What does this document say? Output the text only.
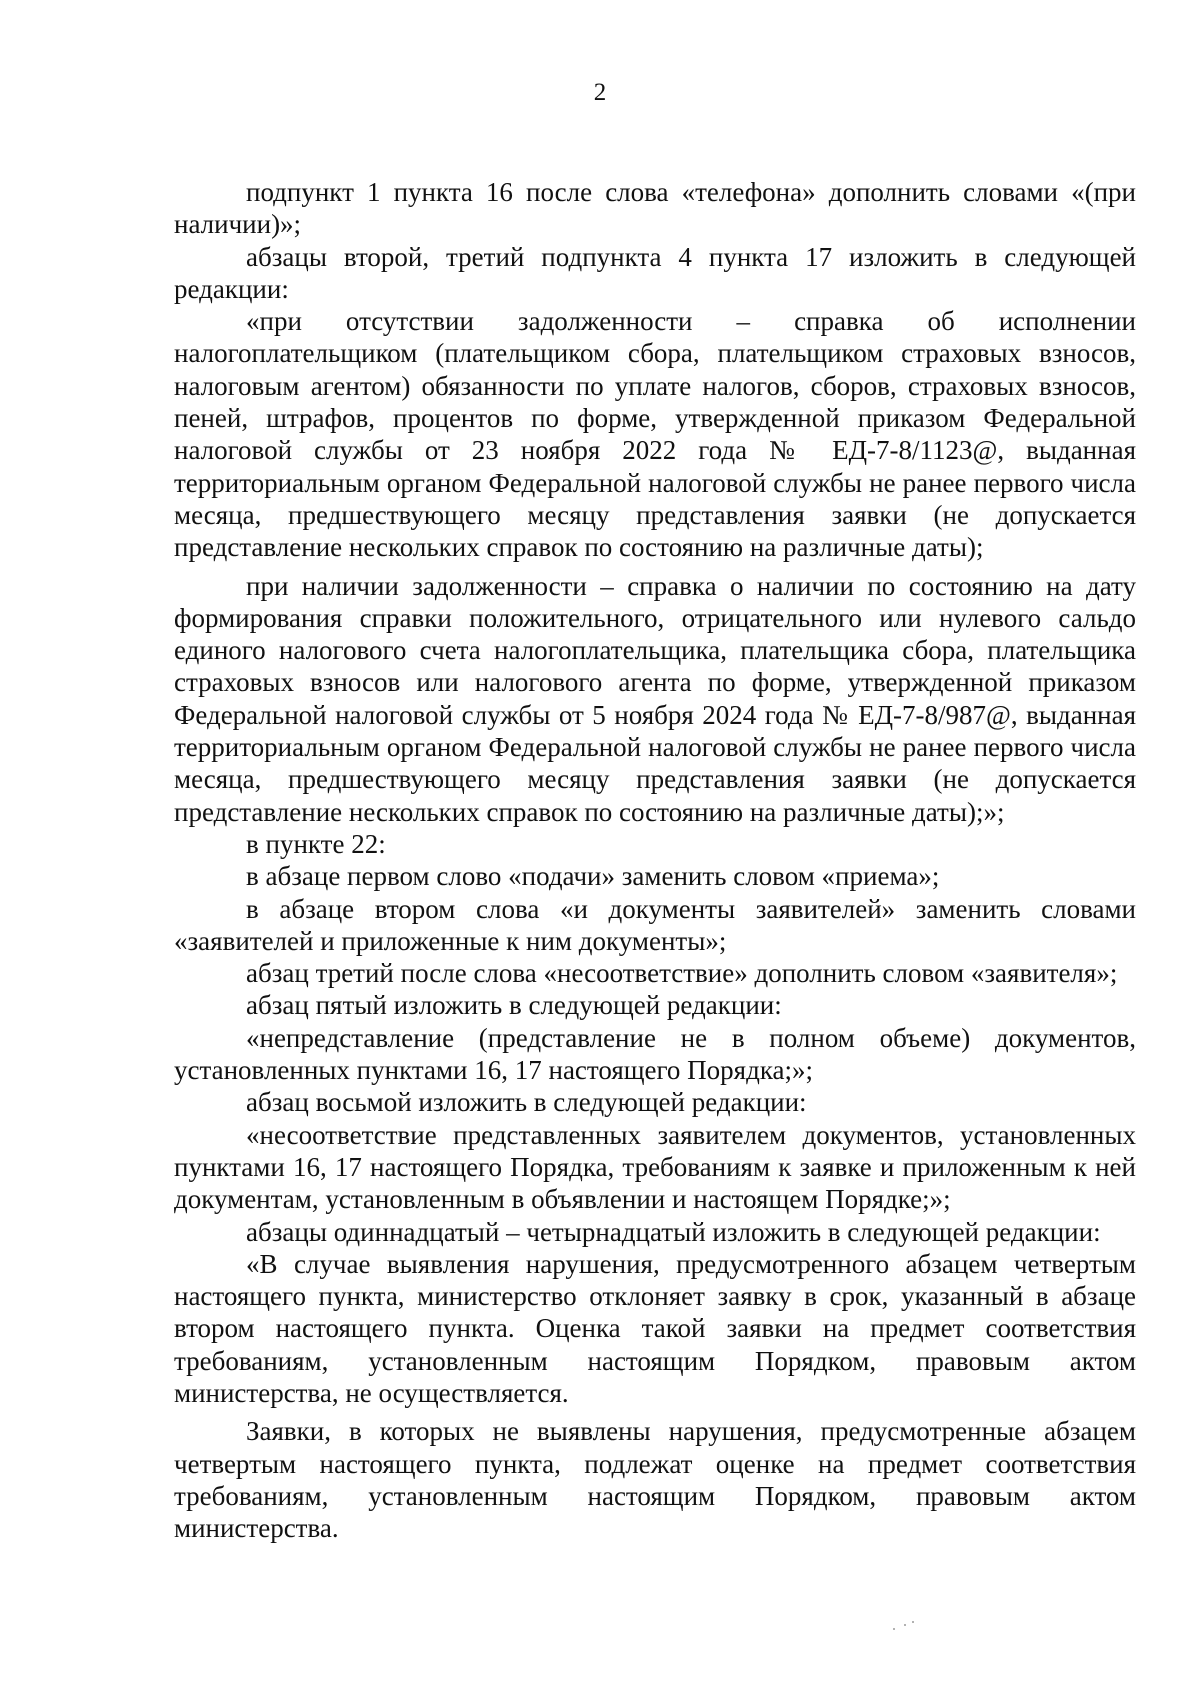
2

подпункт 1 пункта 16 после слова «телефона» дополнить словами «(при наличии)»;

абзацы второй, третий подпункта 4 пункта 17 изложить в следующей редакции:

«при отсутствии задолженности – справка об исполнении налогоплательщиком (плательщиком сбора, плательщиком страховых взносов, налоговым агентом) обязанности по уплате налогов, сборов, страховых взносов, пеней, штрафов, процентов по форме, утвержденной приказом Федеральной налоговой службы от 23 ноября 2022 года № ЕД-7-8/1123@, выданная территориальным органом Федеральной налоговой службы не ранее первого числа месяца, предшествующего месяцу представления заявки (не допускается представление нескольких справок по состоянию на различные даты);

при наличии задолженности – справка о наличии по состоянию на дату формирования справки положительного, отрицательного или нулевого сальдо единого налогового счета налогоплательщика, плательщика сбора, плательщика страховых взносов или налогового агента по форме, утвержденной приказом Федеральной налоговой службы от 5 ноября 2024 года № ЕД-7-8/987@, выданная территориальным органом Федеральной налоговой службы не ранее первого числа месяца, предшествующего месяцу представления заявки (не допускается представление нескольких справок по состоянию на различные даты);»;

в пункте 22:

в абзаце первом слово «подачи» заменить словом «приема»;

в абзаце втором слова «и документы заявителей» заменить словами «заявителей и приложенные к ним документы»;

абзац третий после слова «несоответствие» дополнить словом «заявителя»;

абзац пятый изложить в следующей редакции:

«непредставление (представление не в полном объеме) документов, установленных пунктами 16, 17 настоящего Порядка;»;

абзац восьмой изложить в следующей редакции:

«несоответствие представленных заявителем документов, установленных пунктами 16, 17 настоящего Порядка, требованиям к заявке и приложенным к ней документам, установленным в объявлении и настоящем Порядке;»;

абзацы одиннадцатый – четырнадцатый изложить в следующей редакции:

«В случае выявления нарушения, предусмотренного абзацем четвертым настоящего пункта, министерство отклоняет заявку в срок, указанный в абзаце втором настоящего пункта. Оценка такой заявки на предмет соответствия требованиям, установленным настоящим Порядком, правовым актом министерства, не осуществляется.

Заявки, в которых не выявлены нарушения, предусмотренные абзацем четвертым настоящего пункта, подлежат оценке на предмет соответствия требованиям, установленным настоящим Порядком, правовым актом министерства.
